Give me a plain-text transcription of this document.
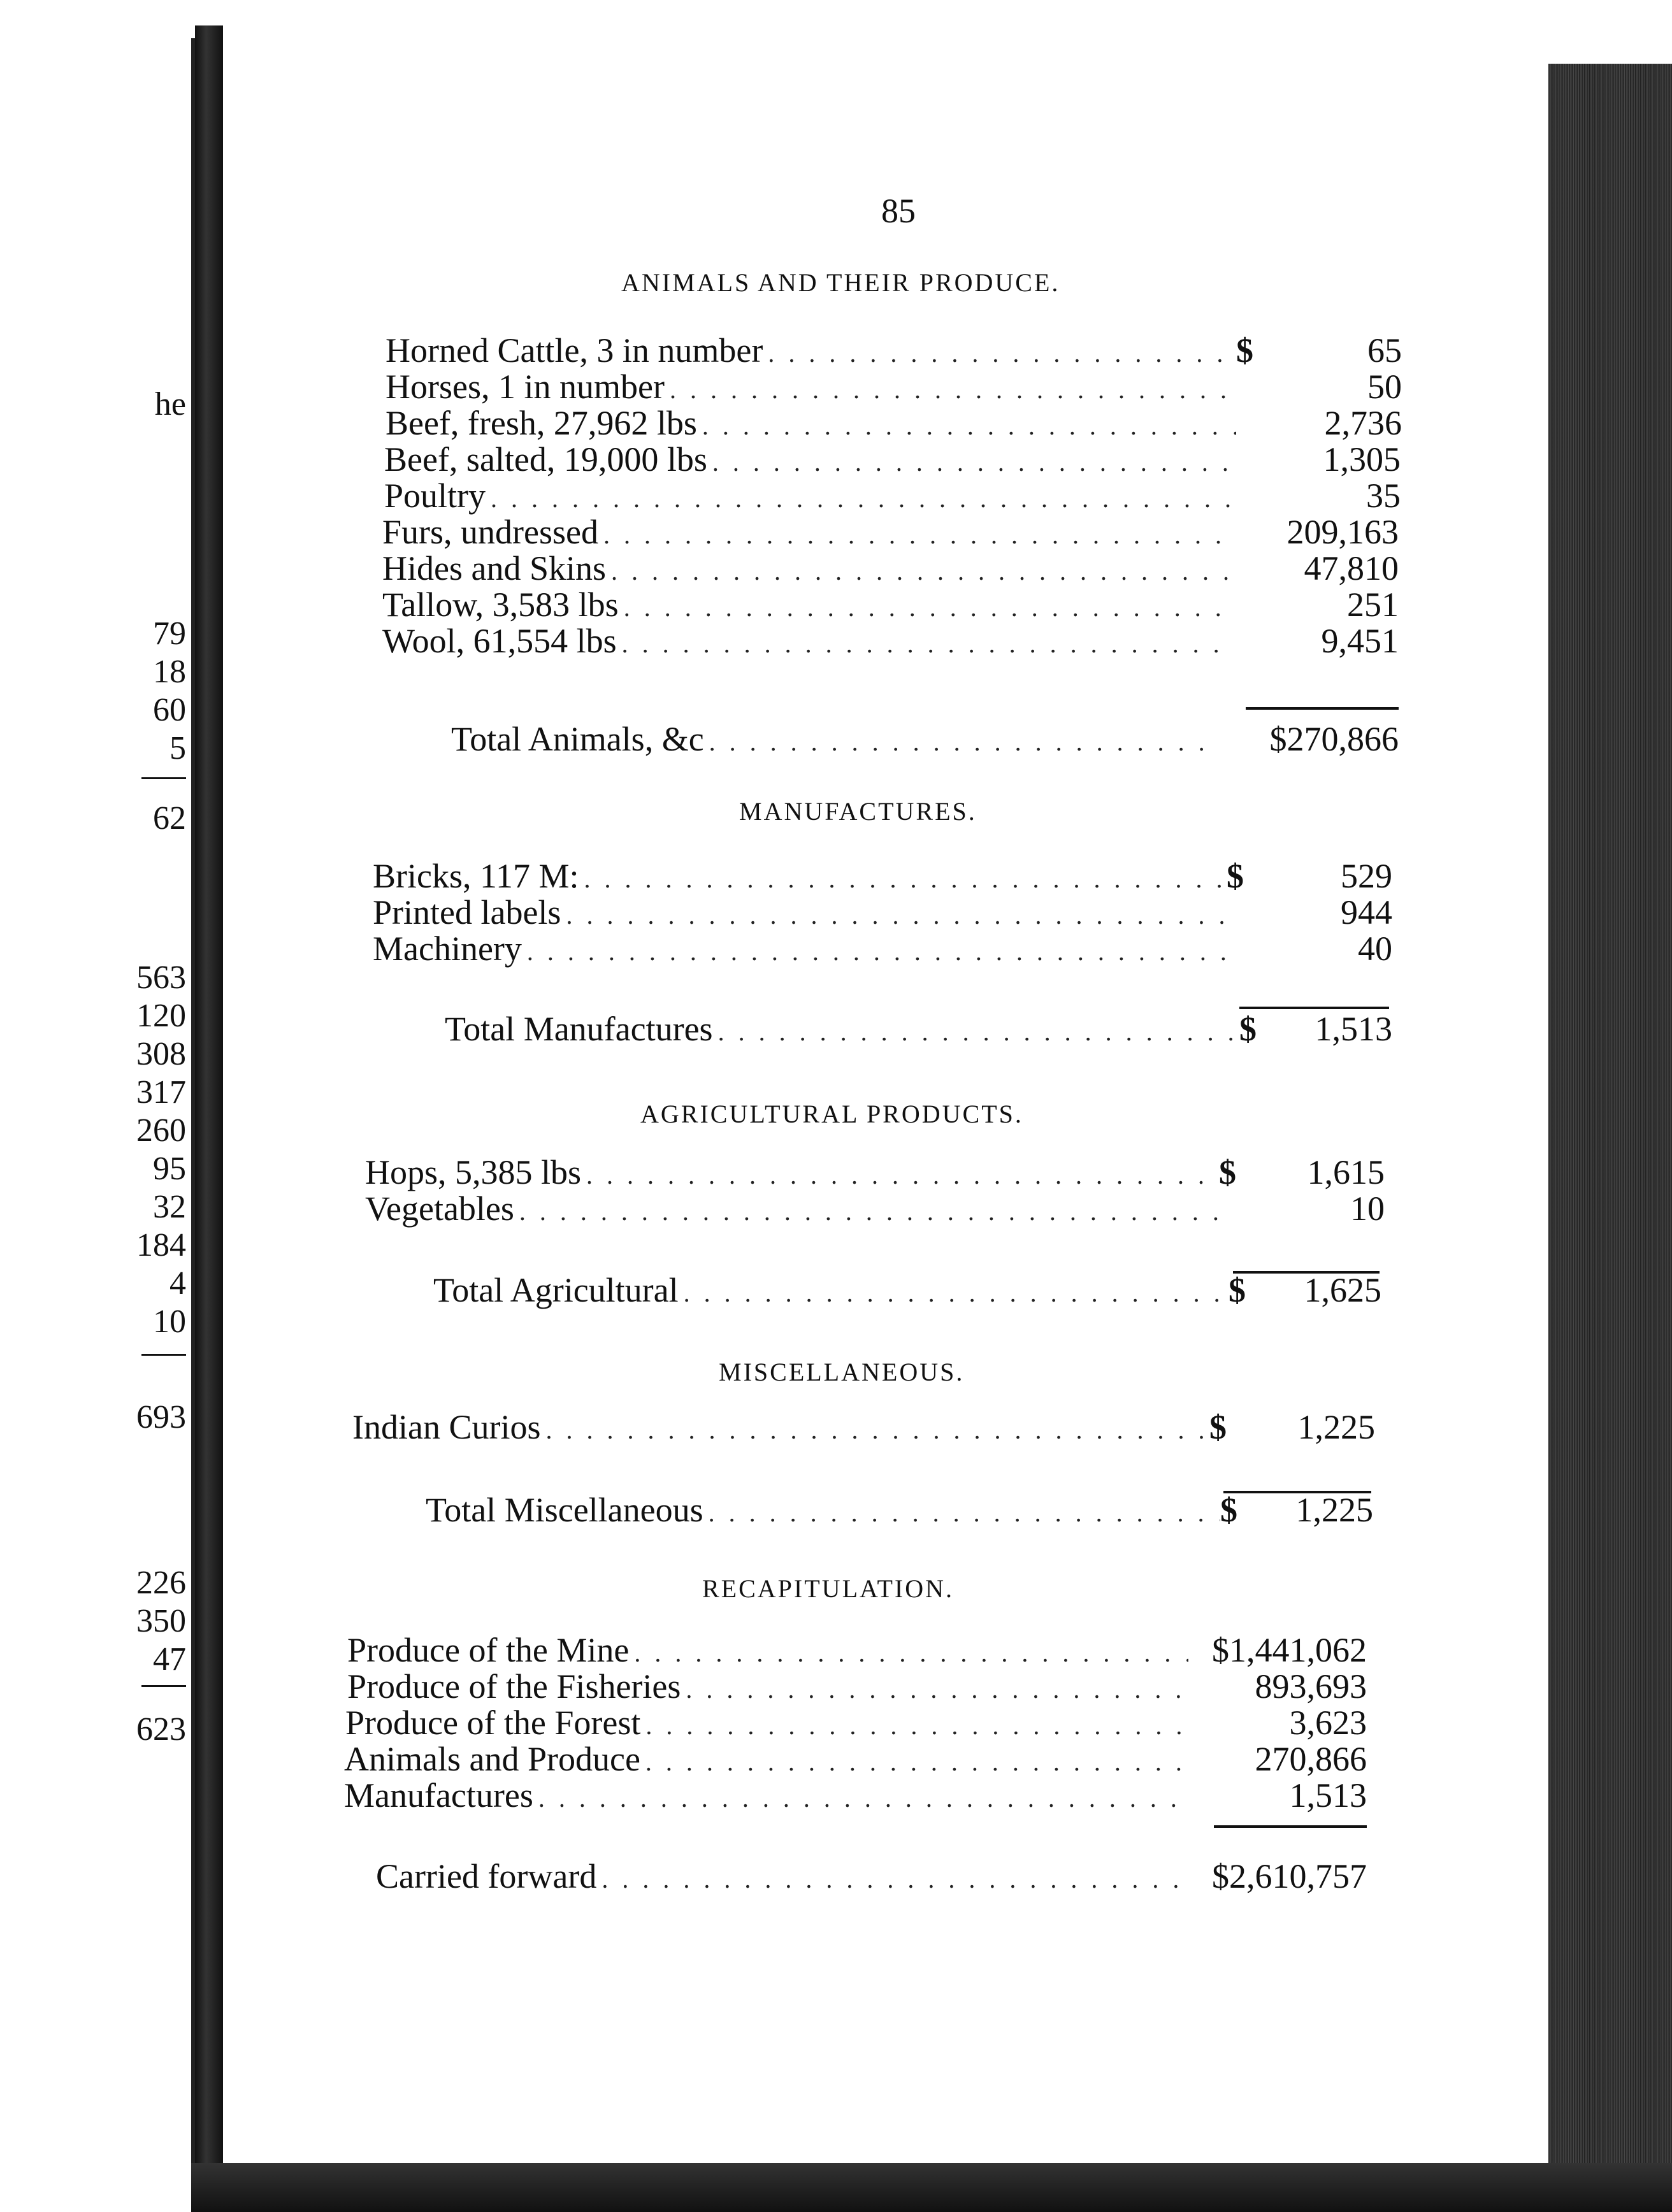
he
79
18
60
5
62
563
120
308
317
260
95
32
184
4
10
693
226
350
47
623
85
ANIMALS AND THEIR PRODUCE.
Horned Cattle, 3 in number . . .	$	65
Horses, 1 in number . . .	50
Beef, fresh, 27,962 lbs . . .	2,736
Beef, salted, 19,000 lbs . . .	1,305
Poultry . . .	35
Furs, undressed . . .	209,163
Hides and Skins . . .	47,810
Tallow, 3,583 lbs . . .	251
Wool, 61,554 lbs . . .	9,451
Total Animals, &c . . .	$270,866
MANUFACTURES.
Bricks, 117 M: . . .	$	529
Printed labels . . .	944
Machinery . . .	40
Total Manufactures . . .	$	1,513
AGRICULTURAL PRODUCTS.
Hops, 5,385 lbs . . .	$	1,615
Vegetables . . .	10
Total Agricultural . . .	$	1,625
MISCELLANEOUS.
Indian Curios . . .	$	1,225
Total Miscellaneous . . .	$	1,225
RECAPITULATION.
Produce of the Mine . . .	$1,441,062
Produce of the Fisheries . . .	893,693
Produce of the Forest . . .	3,623
Animals and Produce . . .	270,866
Manufactures . . .	1,513
Carried forward . . .	$2,610,757
